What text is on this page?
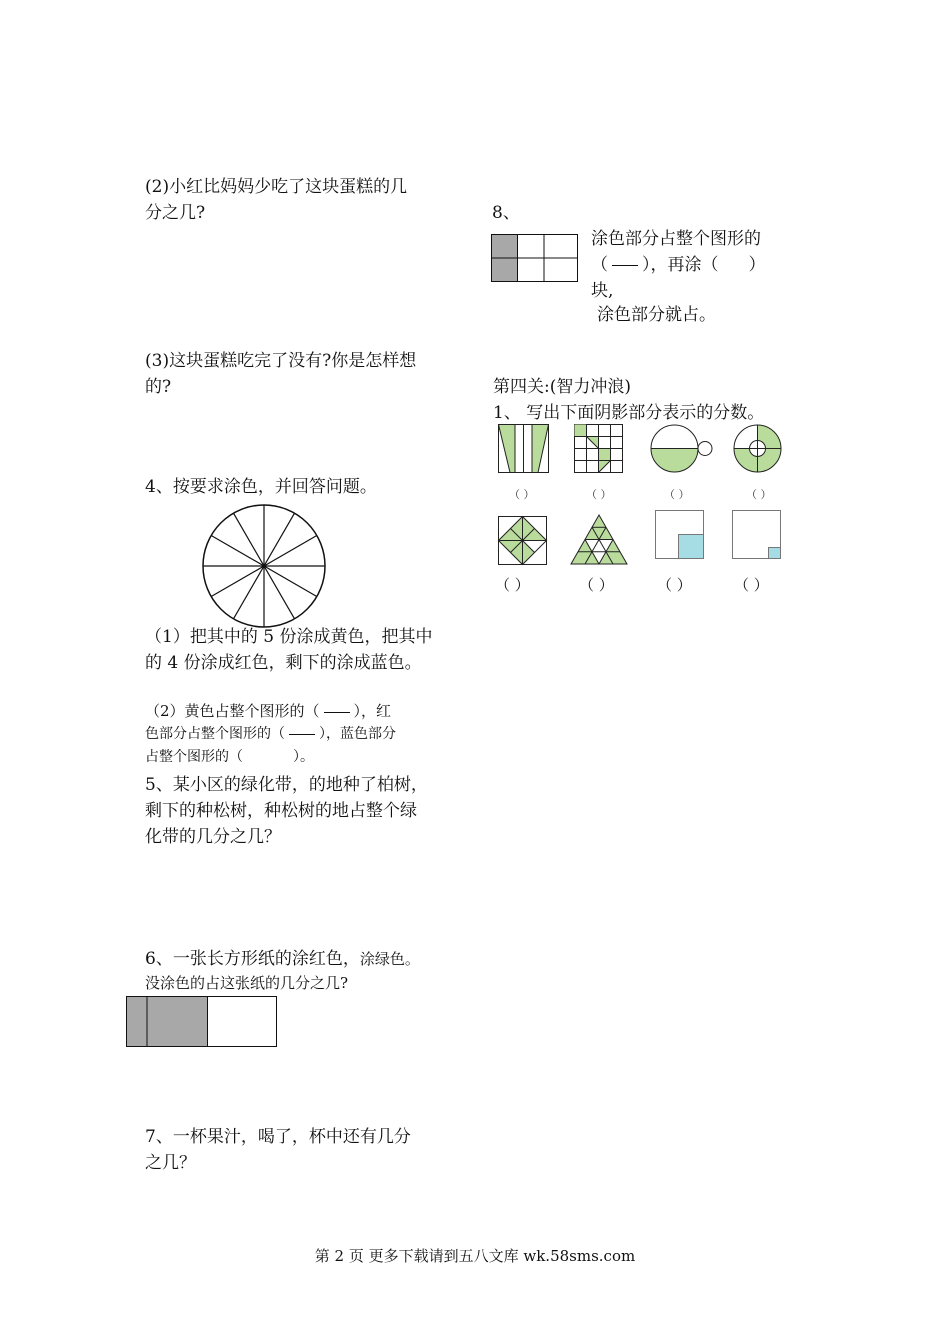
(2)小红比妈妈少吃了这块蛋糕的几
分之几?
(3)这块蛋糕吃完了没有?你是怎样想
的?
4、按要求涂色，并回答问题。
（1）把其中的 5 份涂成黄色，把其中
的 4 份涂成红色，剩下的涂成蓝色。
（2）黄色占整个图形的（ ），红
色部分占整个图形的（ ），蓝色部分
占整个图形的（	）。
5、某小区的绿化带，的地种了柏树，
剩下的种松树，种松树的地占整个绿
化带的几分之几？
6、一张长方形纸的涂红色，涂绿色。
没涂色的占这张纸的几分之几?
7、一杯果汁，喝了，杯中还有几分
之几？
8、
涂色部分占整个图形的
（ ），再涂（ ）
块,
涂色部分就占。
第四关:(智力冲浪)
1、 写出下面阴影部分表示的分数。
（ ）	（ ）	（ ）	（ ）
（ ）	（ ）	（ ）	（ ）
第 2 页 更多下载请到五八文库 wk.58sms.com
